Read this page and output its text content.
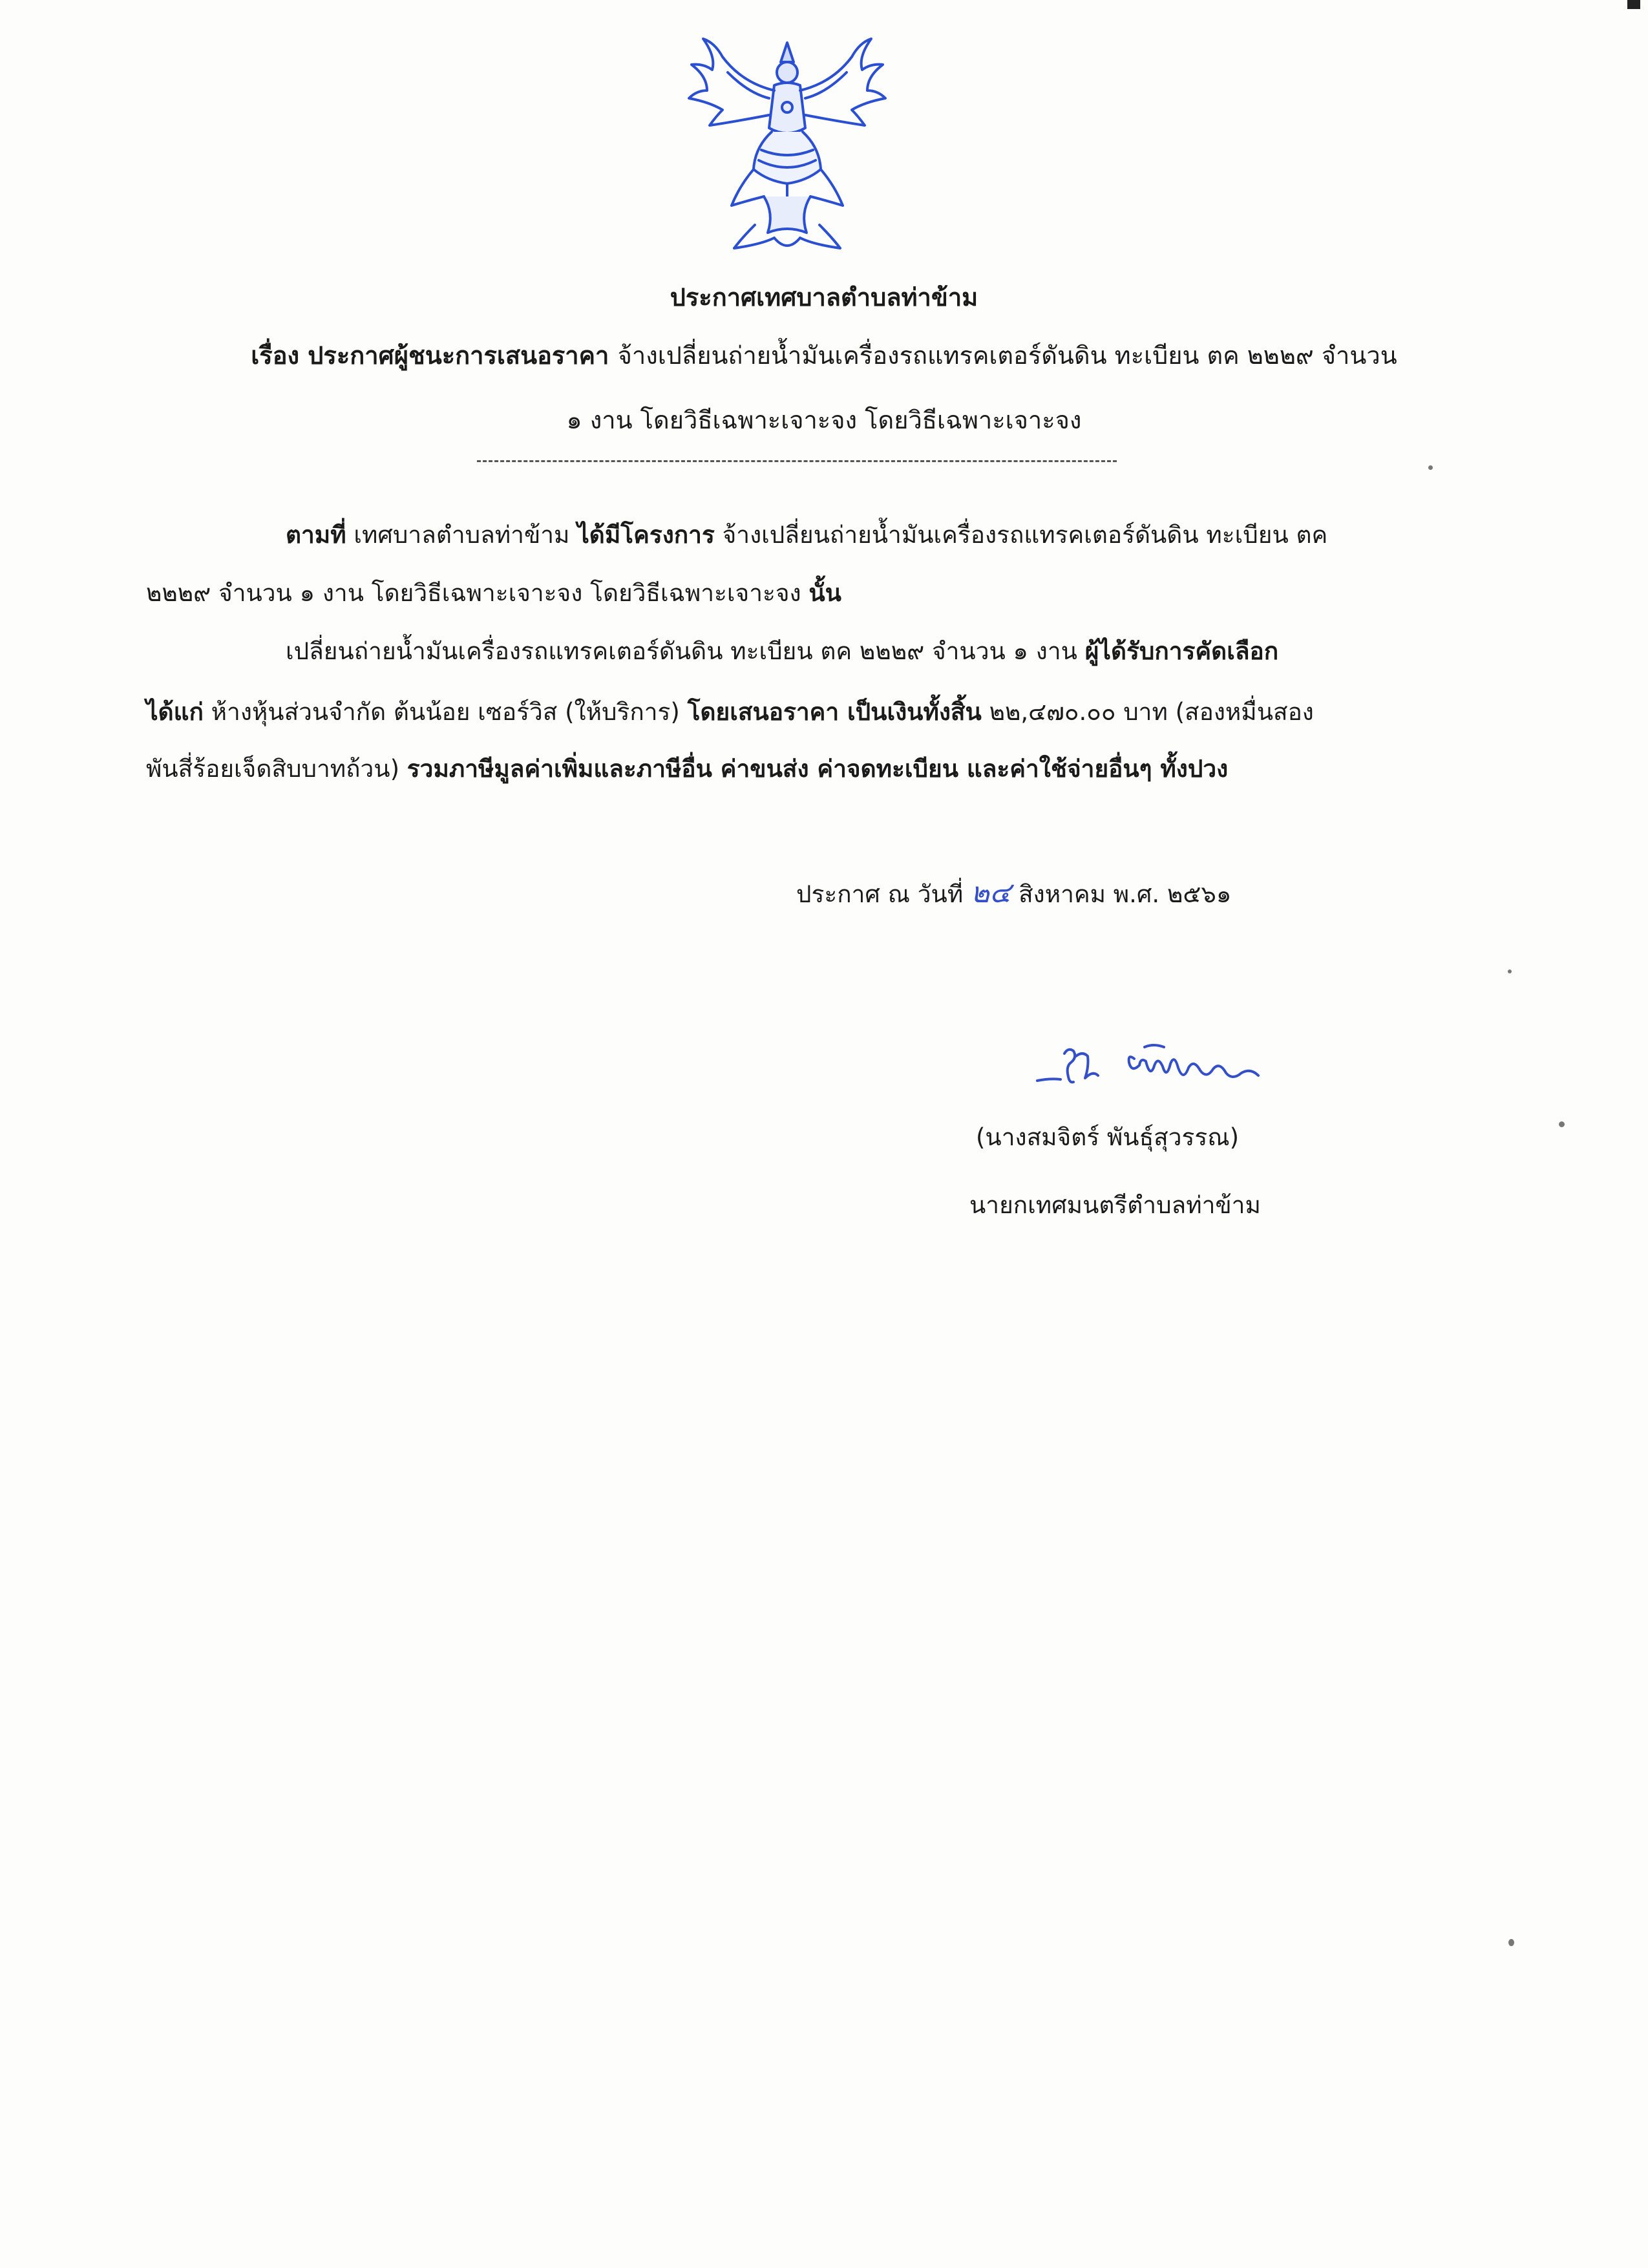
ประกาศเทศบาลตำบลท่าข้าม
เรื่อง ประกาศผู้ชนะการเสนอราคา จ้างเปลี่ยนถ่ายน้ำมันเครื่องรถแทรคเตอร์ดันดิน ทะเบียน ตค ๒๒๒๙ จำนวน
๑ งาน โดยวิธีเฉพาะเจาะจง โดยวิธีเฉพาะเจาะจง
ตามที่ เทศบาลตำบลท่าข้าม ได้มีโครงการ จ้างเปลี่ยนถ่ายน้ำมันเครื่องรถแทรคเตอร์ดันดิน ทะเบียน ตค
๒๒๒๙ จำนวน ๑ งาน โดยวิธีเฉพาะเจาะจง โดยวิธีเฉพาะเจาะจง นั้น
เปลี่ยนถ่ายน้ำมันเครื่องรถแทรคเตอร์ดันดิน ทะเบียน ตค ๒๒๒๙ จำนวน ๑ งาน ผู้ได้รับการคัดเลือก
ได้แก่ ห้างหุ้นส่วนจำกัด ต้นน้อย เซอร์วิส (ให้บริการ) โดยเสนอราคา เป็นเงินทั้งสิ้น ๒๒,๔๗๐.๐๐ บาท (สองหมื่นสอง
พันสี่ร้อยเจ็ดสิบบาทถ้วน) รวมภาษีมูลค่าเพิ่มและภาษีอื่น ค่าขนส่ง ค่าจดทะเบียน และค่าใช้จ่ายอื่นๆ ทั้งปวง
ประกาศ ณ วันที่ ๒๔ สิงหาคม พ.ศ. ๒๕๖๑
(นางสมจิตร์ พันธุ์สุวรรณ)
นายกเทศมนตรีตำบลท่าข้าม
